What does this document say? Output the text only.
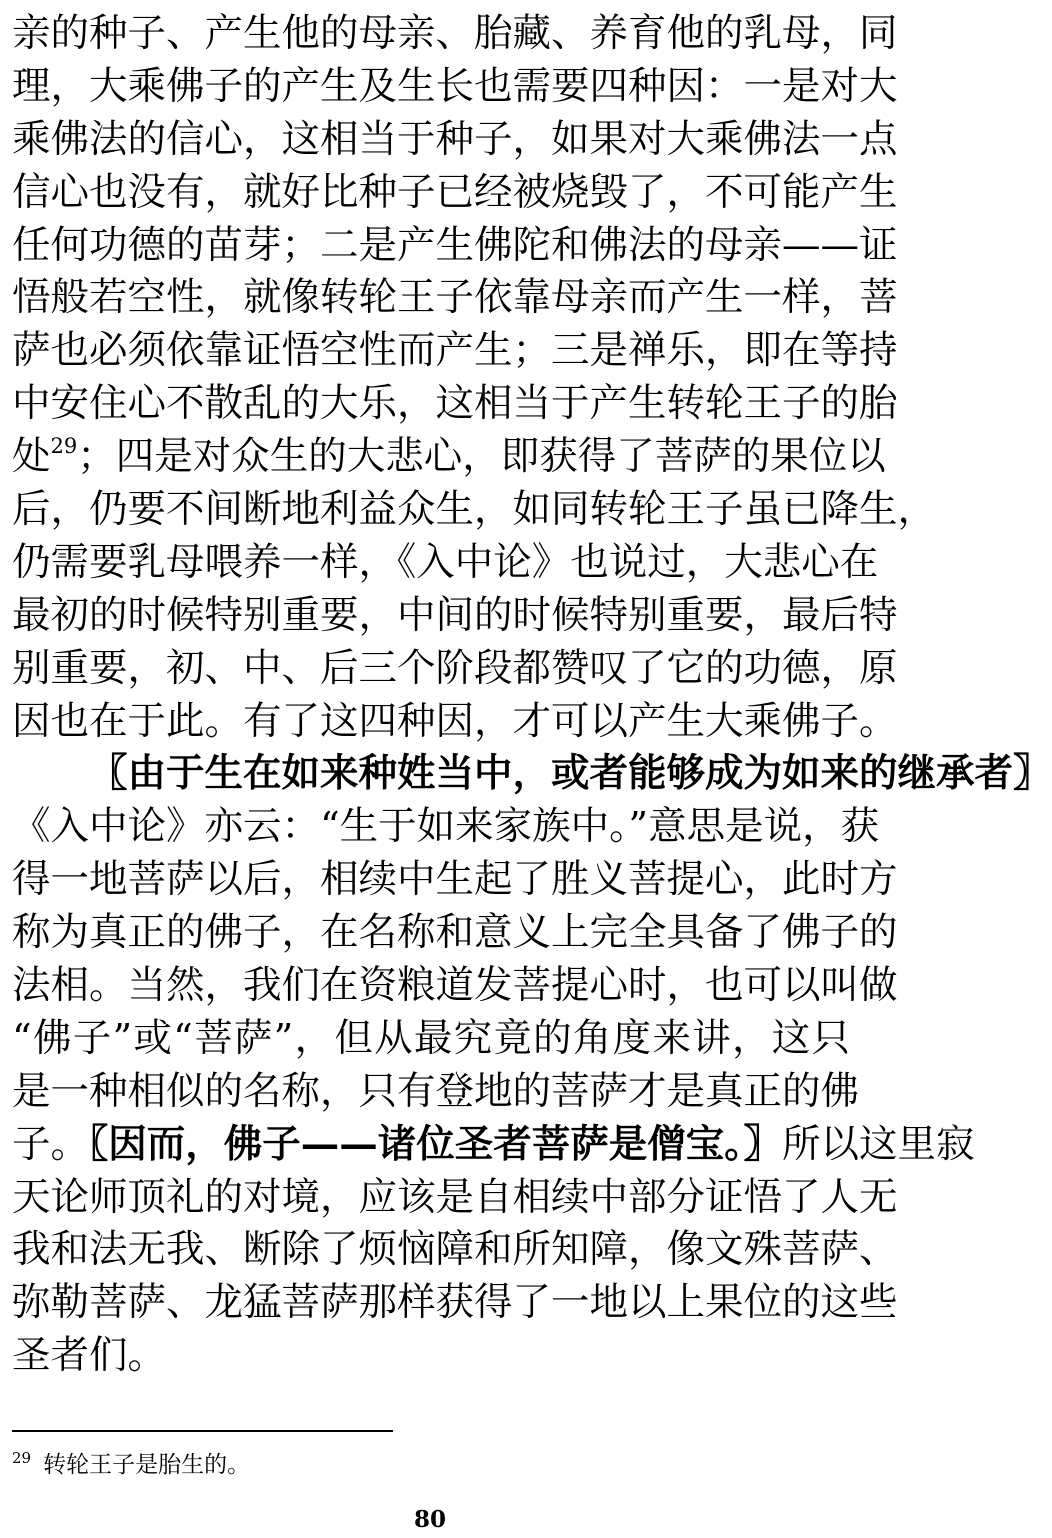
亲的种子、产生他的母亲、胎藏、养育他的乳母，同
理，大乘佛子的产生及生长也需要四种因：一是对大
乘佛法的信心，这相当于种子，如果对大乘佛法一点
信心也没有，就好比种子已经被烧毁了，不可能产生
任何功德的苗芽；二是产生佛陀和佛法的母亲——证
悟般若空性，就像转轮王子依靠母亲而产生一样，菩
萨也必须依靠证悟空性而产生；三是禅乐，即在等持
中安住心不散乱的大乐，这相当于产生转轮王子的胎
处$^{29}$；四是对众生的大悲心，即获得了菩萨的果位以
后，仍要不间断地利益众生，如同转轮王子虽已降生，
仍需要乳母喂养一样，《入中论》也说过，大悲心在
最初的时候特别重要，中间的时候特别重要，最后特
别重要，初、中、后三个阶段都赞叹了它的功德，原
因也在于此。有了这四种因，才可以产生大乘佛子。
〖由于生在如来种姓当中，或者能够成为如来的继承者〗
《入中论》亦云：“生于如来家族中。”意思是说，获
得一地菩萨以后，相续中生起了胜义菩提心，此时方
称为真正的佛子，在名称和意义上完全具备了佛子的
法相。当然，我们在资粮道发菩提心时，也可以叫做
“佛子”或“菩萨”，但从最究竟的角度来讲，这只
是一种相似的名称，只有登地的菩萨才是真正的佛
子。〖因而，佛子——诸位圣者菩萨是僧宝。〗所以这里寂
天论师顶礼的对境，应该是自相续中部分证悟了人无
我和法无我、断除了烦恼障和所知障，像文殊菩萨、
弥勒菩萨、龙猛菩萨那样获得了一地以上果位的这些
圣者们。
$^{29}$ 转轮王子是胎生的。
80
